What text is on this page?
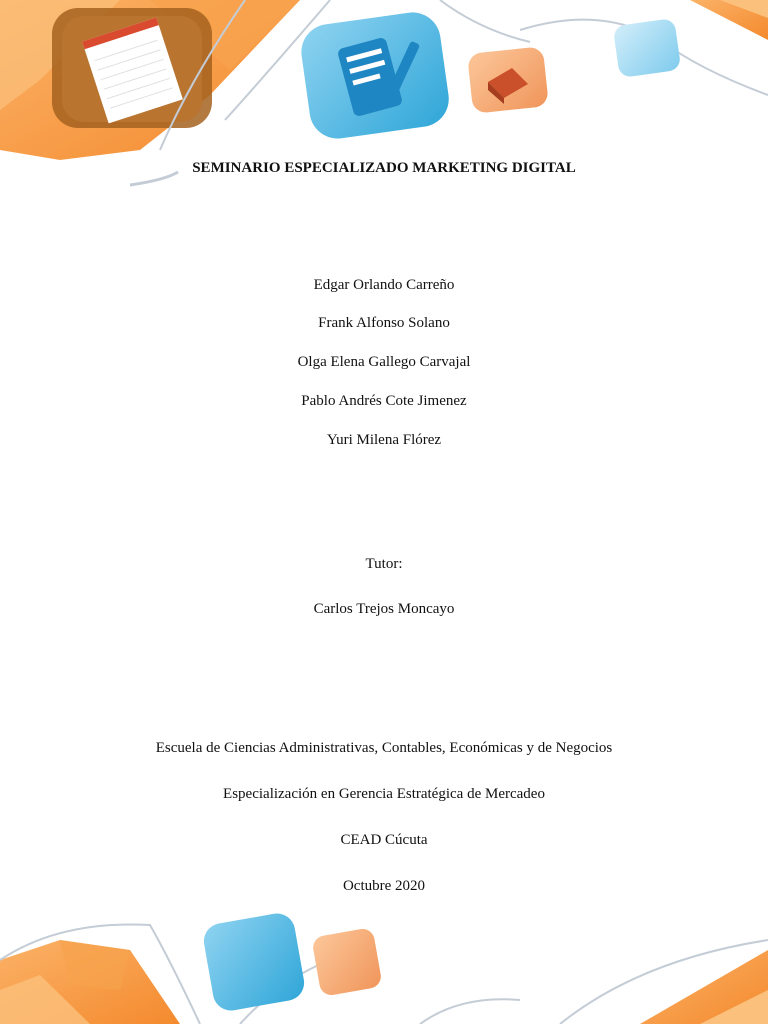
SEMINARIO ESPECIALIZADO MARKETING DIGITAL
Edgar Orlando Carreño
Frank Alfonso Solano
Olga Elena Gallego Carvajal
Pablo Andrés Cote Jimenez
Yuri Milena Flórez
Tutor:
Carlos Trejos Moncayo
Escuela de Ciencias Administrativas, Contables, Económicas y de Negocios
Especialización en Gerencia Estratégica de Mercadeo
CEAD Cúcuta
Octubre 2020
